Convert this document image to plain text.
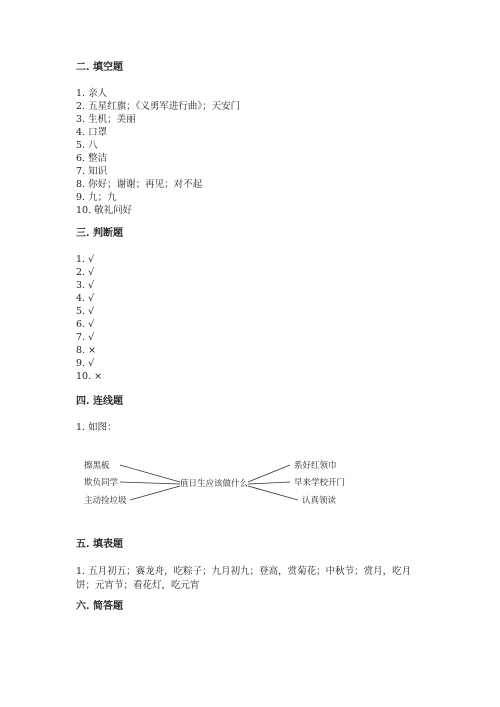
二. 填空题
1. 亲人
2. 五星红旗；《义勇军进行曲》；天安门
3. 生机；美丽
4. 口罩
5. 八
6. 整洁
7. 知识
8. 你好；谢谢；再见；对不起
9. 九；九
10. 敬礼问好
三. 判断题
1. √
2. √
3. √
4. √
5. √
6. √
7. √
8. ×
9. √
10. ×
四. 连线题
1. 如图：
擦黑板
欺负同学
主动捡垃圾
值日生应该做什么
系好红领巾
早来学校开门
认真领读
五. 填表题
1. 五月初五；赛龙舟，吃粽子；九月初九；登高，赏菊花；中秋节；赏月，吃月饼；元宵节；看花灯，吃元宵
六. 简答题
